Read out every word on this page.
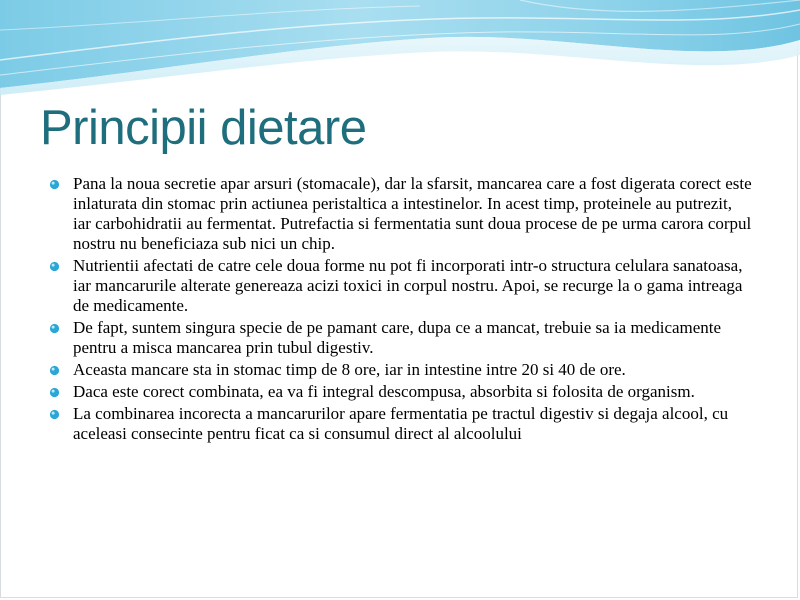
Principii dietare
Pana la noua secretie apar arsuri (stomacale), dar la sfarsit, mancarea care a fost digerata corect este inlaturata din stomac prin actiunea peristaltica a intestinelor. In acest timp, proteinele au putrezit, iar carbohidratii au fermentat. Putrefactia si fermentatia sunt doua procese de pe urma carora corpul nostru nu beneficiaza sub nici un chip.
Nutrientii afectati de catre cele doua forme nu pot fi incorporati intr-o structura celulara sanatoasa, iar mancarurile alterate genereaza acizi toxici in corpul nostru. Apoi, se recurge la o gama intreaga de medicamente.
De fapt, suntem singura specie de pe pamant care, dupa ce a mancat, trebuie sa ia medicamente pentru a misca mancarea prin tubul digestiv.
Aceasta mancare sta in stomac timp de 8 ore, iar in intestine intre 20 si 40 de ore.
Daca este corect combinata, ea va fi integral descompusa, absorbita si folosita de organism.
La combinarea incorecta a mancarurilor apare fermentatia pe tractul digestiv si degaja alcool, cu aceleasi consecinte pentru ficat ca si consumul direct al alcoolului
